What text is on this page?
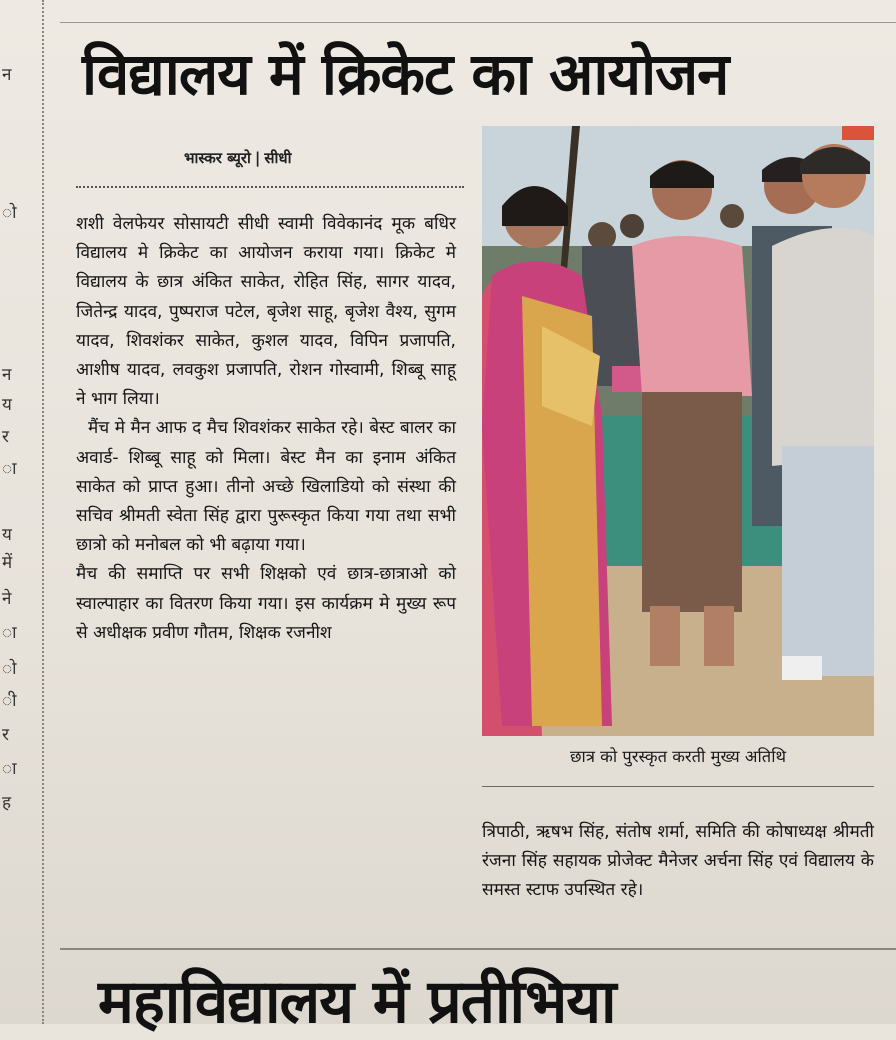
न
ो
न
य
र
ा
य
में
ने
ा
ो
ी
र
ा
ह
विद्यालय में क्रिकेट का आयोजन
भास्कर ब्यूरो | सीधी

शशी वेलफेयर सोसायटी सीधी स्वामी विवेकानंद मूक बधिर विद्यालय मे क्रिकेट का आयोजन कराया गया। क्रिकेट मे विद्यालय के छात्र अंकित साकेत, रोहित सिंह, सागर यादव, जितेन्द्र यादव, पुष्पराज पटेल, बृजेश साहू, बृजेश वैश्य, सुगम यादव, शिवशंकर साकेत, कुशल यादव, विपिन प्रजापति, आशीष यादव, लवकुश प्रजापति, रोशन गोस्वामी, शिब्बू साहू ने भाग लिया।

मैंच मे मैन आफ द मैच शिवशंकर साकेत रहे। बेस्ट बालर का अवार्ड- शिब्बू साहू को मिला। बेस्ट मैन का इनाम अंकित साकेत को प्राप्त हुआ। तीनो अच्छे खिलाडियो को संस्था की सचिव श्रीमती स्वेता सिंह द्वारा पुरूस्कृत किया गया तथा सभी छात्रो को मनोबल को भी बढ़ाया गया।

मैच की समाप्ति पर सभी शिक्षको एवं छात्र-छात्राओ को स्वाल्पाहार का वितरण किया गया। इस कार्यक्रम मे मुख्य रूप से अधीक्षक प्रवीण गौतम, शिक्षक रजनीश

छात्र को पुरस्कृत करती मुख्य अतिथि

त्रिपाठी, ऋषभ सिंह, संतोष शर्मा, समिति की कोषाध्यक्ष श्रीमती रंजना सिंह सहायक प्रोजेक्ट मैनेजर अर्चना सिंह एवं विद्यालय के समस्त स्टाफ उपस्थित रहे।

महाविद्यालय में प्रतीभिया
